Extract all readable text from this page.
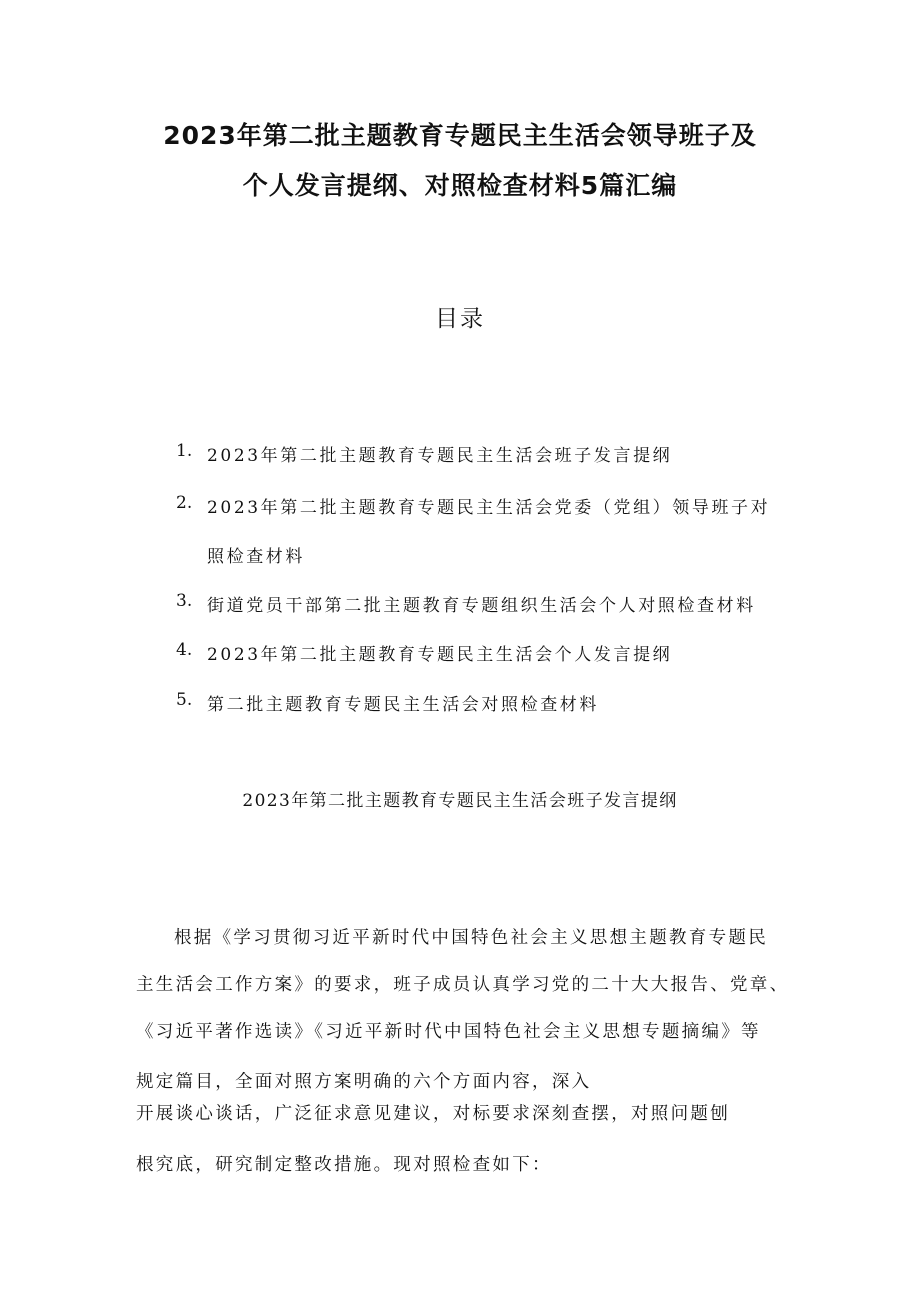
2023年第二批主题教育专题民主生活会领导班子及
个人发言提纲、对照检查材料5篇汇编
目录
1. 2023年第二批主题教育专题民主生活会班子发言提纲
2. 2023年第二批主题教育专题民主生活会党委（党组）领导班子对
照检查材料
3. 街道党员干部第二批主题教育专题组织生活会个人对照检查材料
4. 2023年第二批主题教育专题民主生活会个人发言提纲
5. 第二批主题教育专题民主生活会对照检查材料
2023年第二批主题教育专题民主生活会班子发言提纲
根据《学习贯彻习近平新时代中国特色社会主义思想主题教育专题民
主生活会工作方案》的要求，班子成员认真学习党的二十大大报告、党章、
《习近平著作选读》《习近平新时代中国特色社会主义思想专题摘编》等
规定篇目，全面对照方案明确的六个方面内容，深入
开展谈心谈话，广泛征求意见建议，对标要求深刻查摆，对照问题刨
根究底，研究制定整改措施。现对照检查如下：
